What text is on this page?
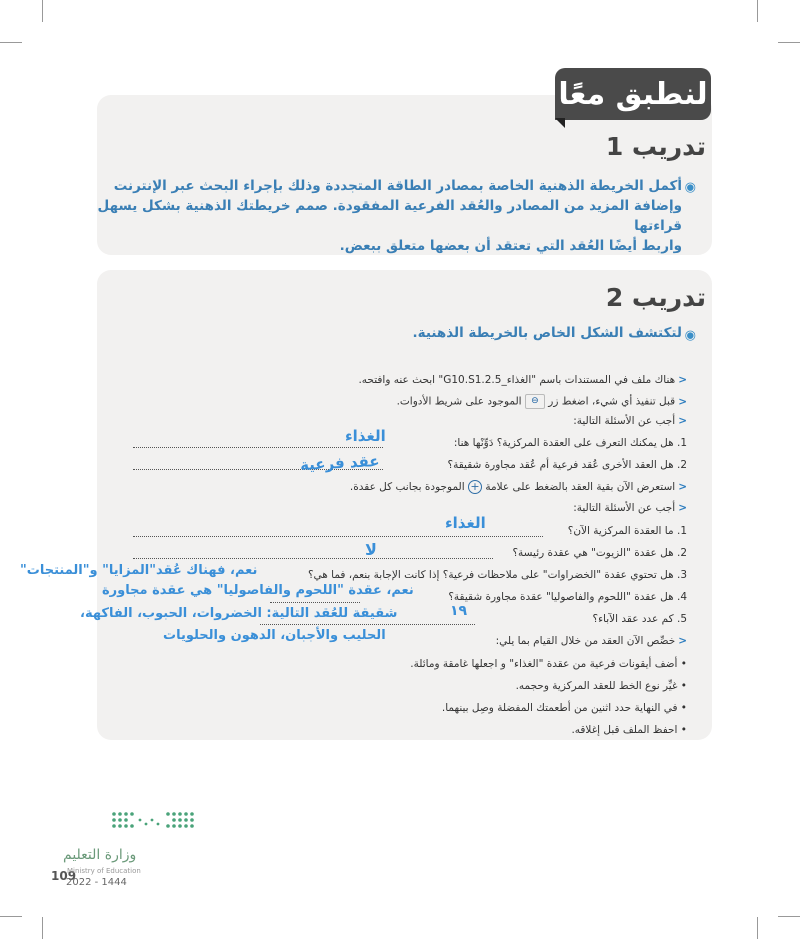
لنطبق معًا
تدريب 1
◉
أكمل الخريطة الذهنية الخاصة بمصادر الطاقة المتجددة وذلك بإجراء البحث عبر الإنترنت
وإضافة المزيد من المصادر والعُقد الفرعية المفقودة. صمم خريطتك الذهنية بشكل يسهل قراءتها
واربط أيضًا العُقد التي تعتقد أن بعضها متعلق ببعض.
تدريب 2
◉
لتكتشف الشكل الخاص بالخريطة الذهنية.
<هناك ملف في المستندات باسم "الغذاء_G10.S1.2.5" ابحث عنه وافتحه.
<قبل تنفيذ أي شيء، اضغط زر ⊖ الموجود على شريط الأدوات.
<أجب عن الأسئلة التالية:
1. هل يمكنك التعرف على العقدة المركزية؟ دَوِّنْها هنا:
الغذاء
2. هل العقد الأخرى عُقد فرعية أم عُقد مجاورة شقيقة؟
عقد فرعية
<استعرض الآن بقية العقد بالضغط على علامة + الموجودة بجانب كل عقدة.
<أجب عن الأسئلة التالية:
الغذاء	1. ما العقدة المركزية الآن؟
2. هل عقدة "الزيوت" هي عقدة رئيسة؟
لا
3. هل تحتوي عقدة "الخضراوات" على ملاحظات فرعية؟ إذا كانت الإجابة بنعم، فما هي؟
نعم، فهناك عُقد"المزايا" و"المنتجات"
4. هل عقدة "اللحوم والفاصوليا" عقدة مجاورة شقيقة؟
نعم، عقدة "اللحوم والفاصوليا" هي عقدة مجاورة
5. كم عدد عقد الآباء؟
١٩
شقيقة للعُقد التالية: الخضروات، الحبوب، الفاكهة،
<خصِّص الآن العقد من خلال القيام بما يلي:
الحليب والأجبان، الدهون والحلويات
• أضف أيقونات فرعية من عقدة "الغذاء" و اجعلها غامقة ومائلة.
• غيِّر نوع الخط للعقد المركزية وحجمه.
• في النهاية حدد اثنين من أطعمتك المفضلة وصِل بينهما.
• احفظ الملف قبل إغلاقه.
وزارة التعليم
109
Ministry of Education
2022 - 1444
